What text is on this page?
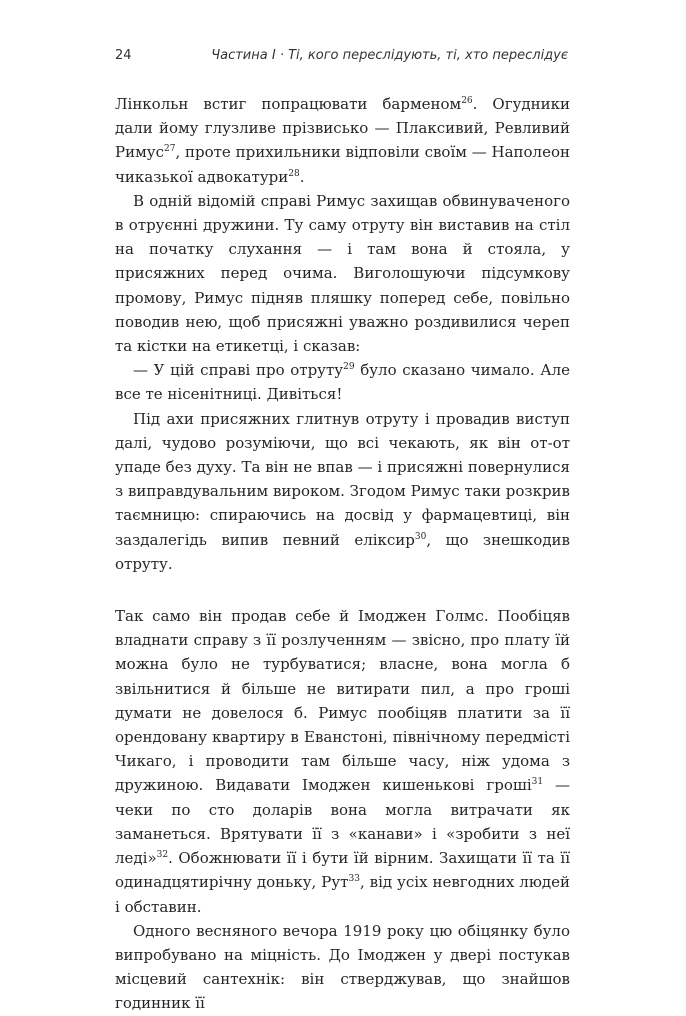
24	Частина І · Ті, кого переслідують, ті, хто переслідує

Лінкольн встиг попрацювати барменом$^{26}$. Огудники дали йому глузливе прізвисько — Плаксивий, Ревливий Римус$^{27}$, проте прихильники відповіли своїм — Наполеон чиказької адвокатури$^{28}$.

В одній відомій справі Римус захищав обвинуваченого в отруєнні дружини. Ту саму отруту він виставив на стіл на початку слухання — і там вона й стояла, у присяжних перед очима. Виголошуючи підсумкову промову, Римус підняв пляшку поперед себе, повільно поводив нею, щоб присяжні уважно роздивилися череп та кістки на етикетці, і сказав:

— У цій справі про отруту$^{29}$ було сказано чимало. Але все те нісенітниці. Дивіться!

Під ахи присяжних глитнув отруту і провадив виступ далі, чудово розуміючи, що всі чекають, як він от-от упаде без духу. Та він не впав — і присяжні повернулися з виправдувальним вироком. Згодом Римус таки розкрив таємницю: спираючись на досвід у фармацевтиці, він заздалегідь випив певний еліксир$^{30}$, що знешкодив отруту.

Так само він продав себе й Імоджен Голмс. Пообіцяв владнати справу з її розлученням — звісно, про плату їй можна було не турбуватися; власне, вона могла б звільнитися й більше не витирати пил, а про гроші думати не довелося б. Римус пообіцяв платити за її орендовану квартиру в Еванстоні, північному передмісті Чикаго, і проводити там більше часу, ніж удома з дружиною. Видавати Імоджен кишенькові гроші$^{31}$ — чеки по сто доларів вона могла витрачати як заманеться. Врятувати її з «канави» і «зробити з неї леді»$^{32}$. Обожнювати її і бути їй вірним. Захищати її та її одинадцятирічну доньку, Рут$^{33}$, від усіх невгодних людей і обставин.

Одного весняного вечора 1919 року цю обіцянку було випробувано на міцність. До Імоджен у двері постукав місцевий сантехнік: він стверджував, що знайшов годинник її
